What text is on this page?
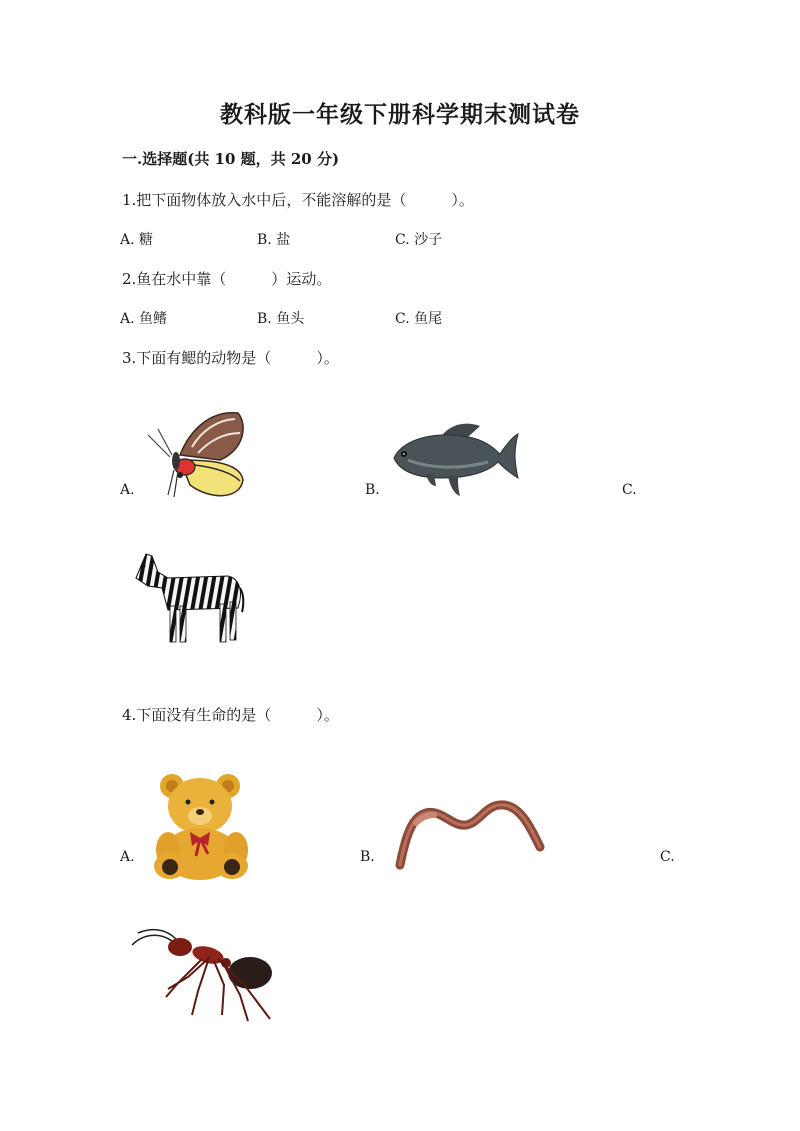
教科版一年级下册科学期末测试卷
一.选择题(共 10 题，共 20 分)
1.把下面物体放入水中后，不能溶解的是（　　　）。
A. 糖	B. 盐	C. 沙子
2.鱼在水中靠（　　　）运动。
A. 鱼鳍	B. 鱼头	C. 鱼尾
3.下面有鳃的动物是（　　　）。
A.	B.	C.
4.下面没有生命的是（　　　）。
A.	B.	C.
